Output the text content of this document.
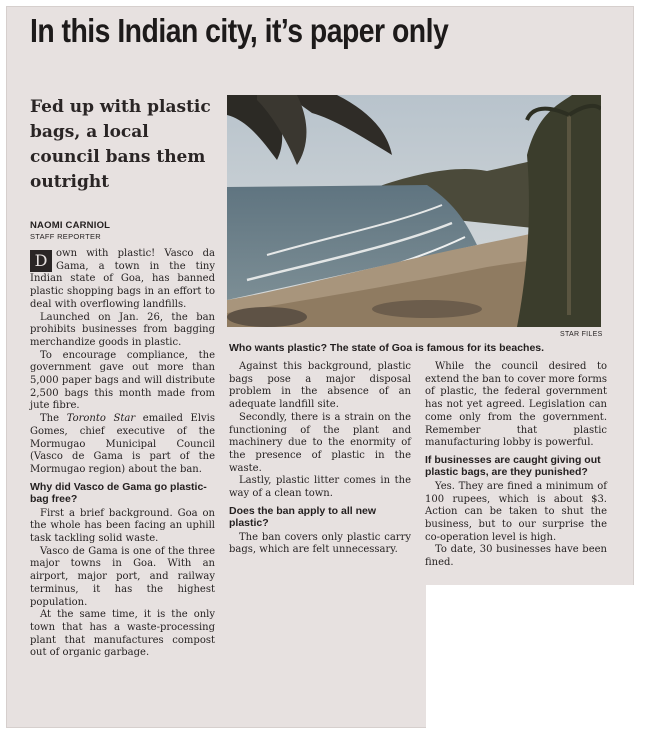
In this Indian city, it’s paper only
Fed up with plastic bags, a local council bans them outright
NAOMI CARNIOL
STAFF REPORTER
STAR FILES

Who wants plastic? The state of Goa is famous for its beaches.

D own with plastic! Vasco da Gama, a town in the tiny Indian state of Goa, has banned plastic shopping bags in an effort to deal with overflowing landfills.

Launched on Jan. 26, the ban prohibits businesses from bagging merchandize goods in plastic.

To encourage compliance, the government gave out more than 5,000 paper bags and will distribute 2,500 bags this month made from jute fibre.

The Toronto Star emailed Elvis Gomes, chief executive of the Mormugao Municipal Council (Vasco de Gama is part of the Mormugao region) about the ban.

Why did Vasco de Gama go plastic-bag free?

First a brief background. Goa on the whole has been facing an uphill task tackling solid waste.

Vasco de Gama is one of the three major towns in Goa. With an airport, major port, and railway terminus, it has the highest population.

At the same time, it is the only town that has a waste-processing plant that manufactures compost out of organic garbage.

Against this background, plastic bags pose a major disposal problem in the absence of an adequate landfill site.

Secondly, there is a strain on the functioning of the plant and machinery due to the enormity of the presence of plastic in the waste.

Lastly, plastic litter comes in the way of a clean town.

Does the ban apply to all new plastic?

The ban covers only plastic carry bags, which are felt unnecessary.

While the council desired to extend the ban to cover more forms of plastic, the federal government has not yet agreed. Legislation can come only from the government. Remember that plastic manufacturing lobby is powerful.

If businesses are caught giving out plastic bags, are they punished?

Yes. They are fined a minimum of 100 rupees, which is about $3. Action can be taken to shut the business, but to our surprise the co-operation level is high.

To date, 30 businesses have been fined.
